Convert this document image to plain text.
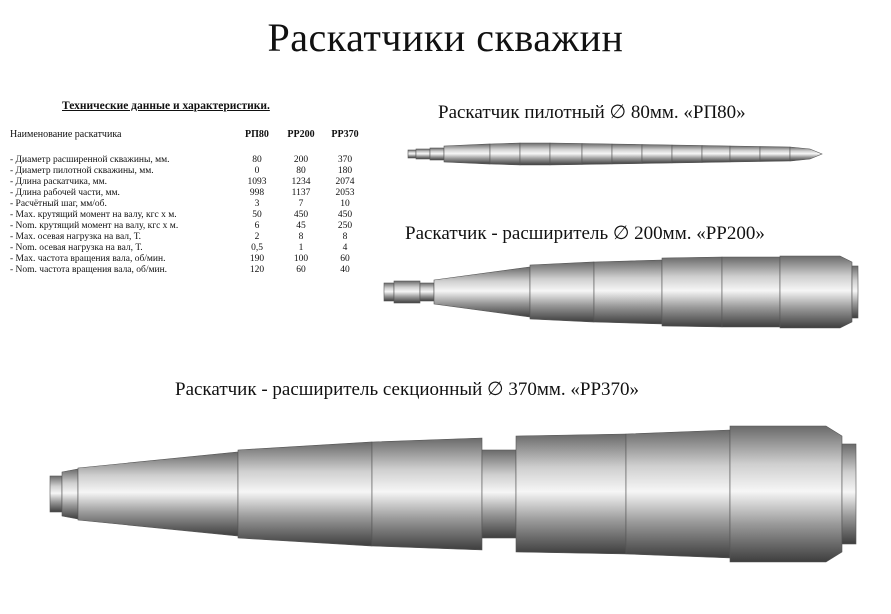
Раскатчики скважин
Технические данные и характеристики.
Наименование раскатчика	РП80	РР200	РР370

- Диаметр расширенной скважины, мм.	80	200	370
- Диаметр пилотной скважины, мм.	0	80	180
- Длина раскатчика, мм.	1093	1234	2074
- Длина рабочей части, мм.	998	1137	2053
- Расчётный шаг, мм/об.	3	7	10
- Max. крутящий момент на валу, кгс х м.	50	450	450
- Nom. крутящий момент на валу, кгс х м.	6	45	250
- Max. осевая нагрузка на вал, Т.	2	8	8
- Nom. осевая нагрузка на вал, Т.	0,5	1	4
- Max. частота вращения вала, об/мин.	190	100	60
- Nom. частота вращения вала, об/мин.	120	60	40
Раскатчик пилотный ∅ 80мм. «РП80»
Раскатчик - расширитель ∅ 200мм. «РР200»
Раскатчик - расширитель секционный ∅ 370мм. «РР370»
